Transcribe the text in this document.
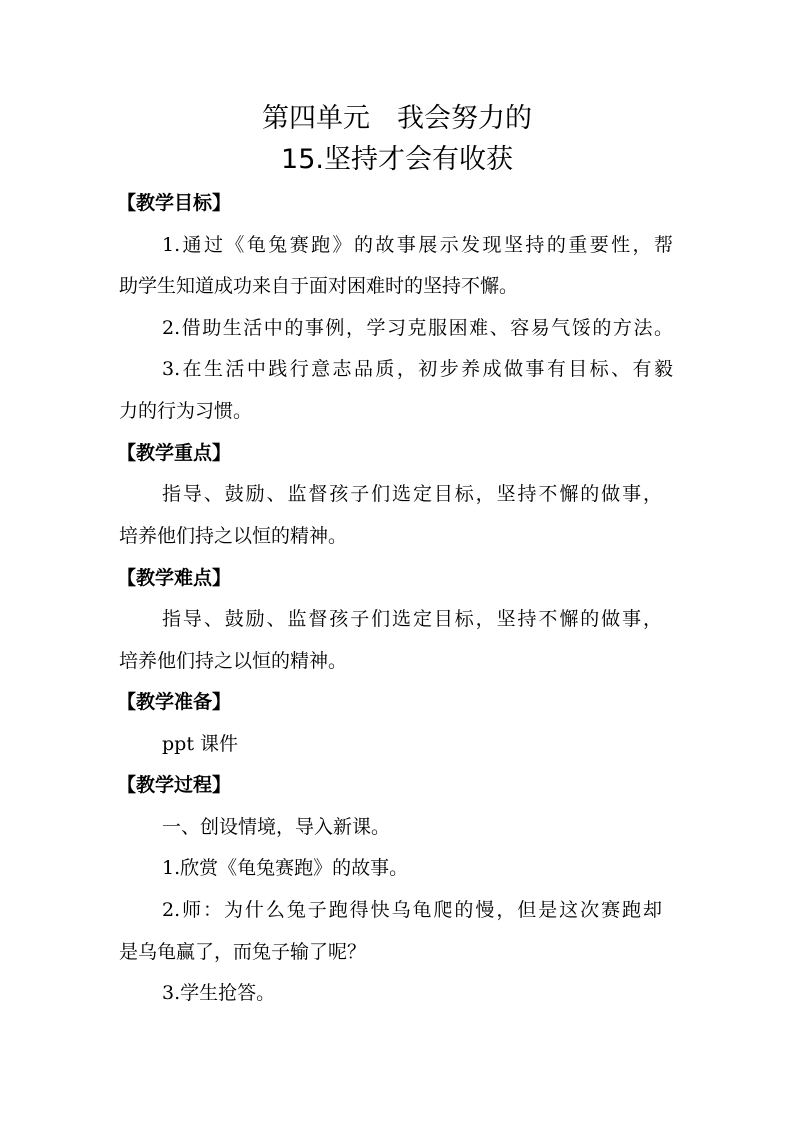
第四单元　我会努力的
15.坚持才会有收获
【教学目标】
1.通过《龟兔赛跑》的故事展示发现坚持的重要性，帮
助学生知道成功来自于面对困难时的坚持不懈。
2.借助生活中的事例，学习克服困难、容易气馁的方法。
3.在生活中践行意志品质，初步养成做事有目标、有毅
力的行为习惯。
【教学重点】
指导、鼓励、监督孩子们选定目标，坚持不懈的做事，
培养他们持之以恒的精神。
【教学难点】
指导、鼓励、监督孩子们选定目标，坚持不懈的做事，
培养他们持之以恒的精神。
【教学准备】
ppt 课件
【教学过程】
一、创设情境，导入新课。
1.欣赏《龟兔赛跑》的故事。
2.师：为什么兔子跑得快乌龟爬的慢，但是这次赛跑却
是乌龟赢了，而兔子输了呢？
3.学生抢答。
